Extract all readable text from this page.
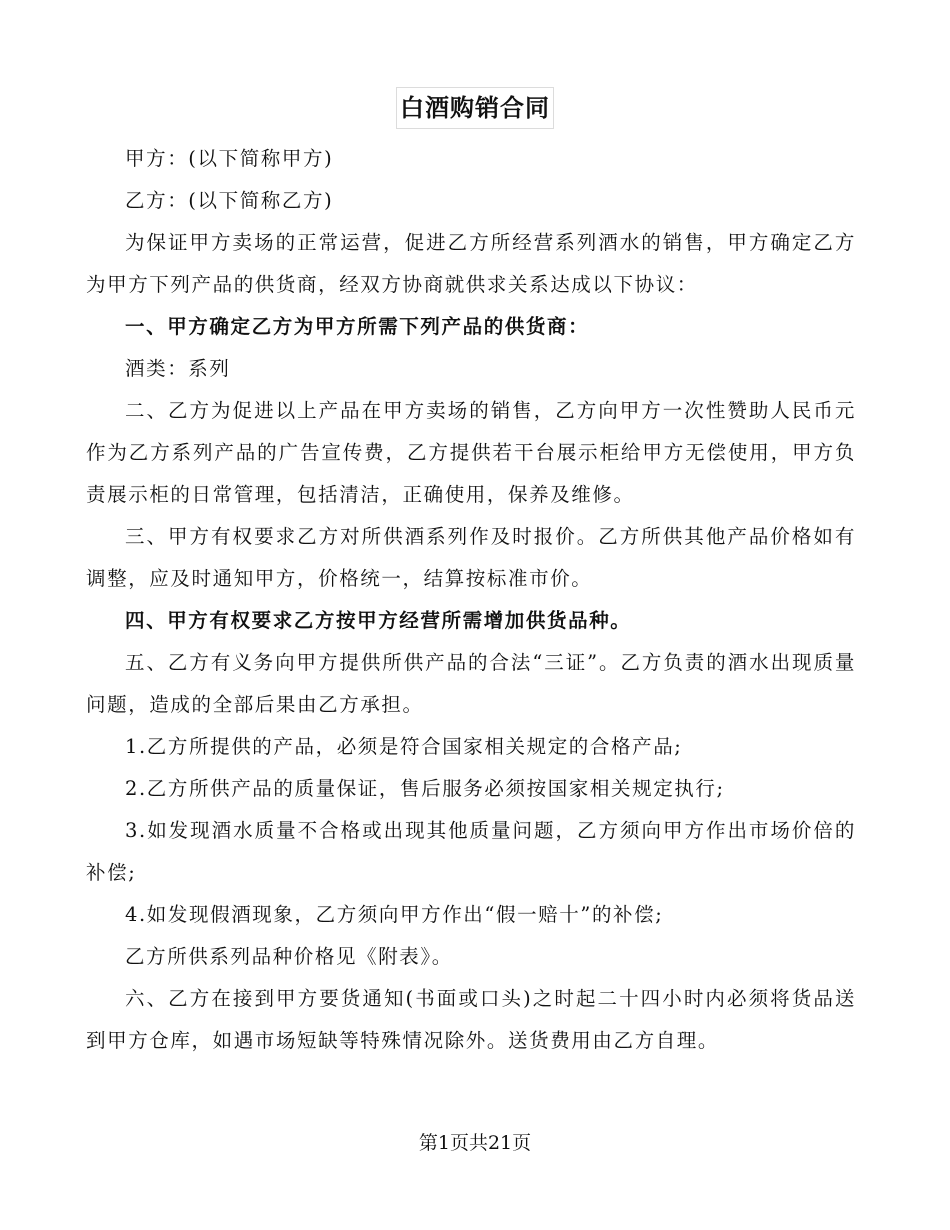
白酒购销合同

甲方：(以下简称甲方)

乙方：(以下简称乙方)

为保证甲方卖场的正常运营，促进乙方所经营系列酒水的销售，甲方确定乙方为甲方下列产品的供货商，经双方协商就供求关系达成以下协议：

一、甲方确定乙方为甲方所需下列产品的供货商：

酒类：系列

二、乙方为促进以上产品在甲方卖场的销售，乙方向甲方一次性赞助人民币元作为乙方系列产品的广告宣传费，乙方提供若干台展示柜给甲方无偿使用，甲方负责展示柜的日常管理，包括清洁，正确使用，保养及维修。

三、甲方有权要求乙方对所供酒系列作及时报价。乙方所供其他产品价格如有调整，应及时通知甲方，价格统一，结算按标准市价。

四、甲方有权要求乙方按甲方经营所需增加供货品种。

五、乙方有义务向甲方提供所供产品的合法“三证”。乙方负责的酒水出现质量问题，造成的全部后果由乙方承担。

1.乙方所提供的产品，必须是符合国家相关规定的合格产品;

2.乙方所供产品的质量保证，售后服务必须按国家相关规定执行;

3.如发现酒水质量不合格或出现其他质量问题，乙方须向甲方作出市场价倍的补偿;

4.如发现假酒现象，乙方须向甲方作出“假一赔十”的补偿;

乙方所供系列品种价格见《附表》。

六、乙方在接到甲方要货通知(书面或口头)之时起二十四小时内必须将货品送到甲方仓库，如遇市场短缺等特殊情况除外。送货费用由乙方自理。

第1页共21页
